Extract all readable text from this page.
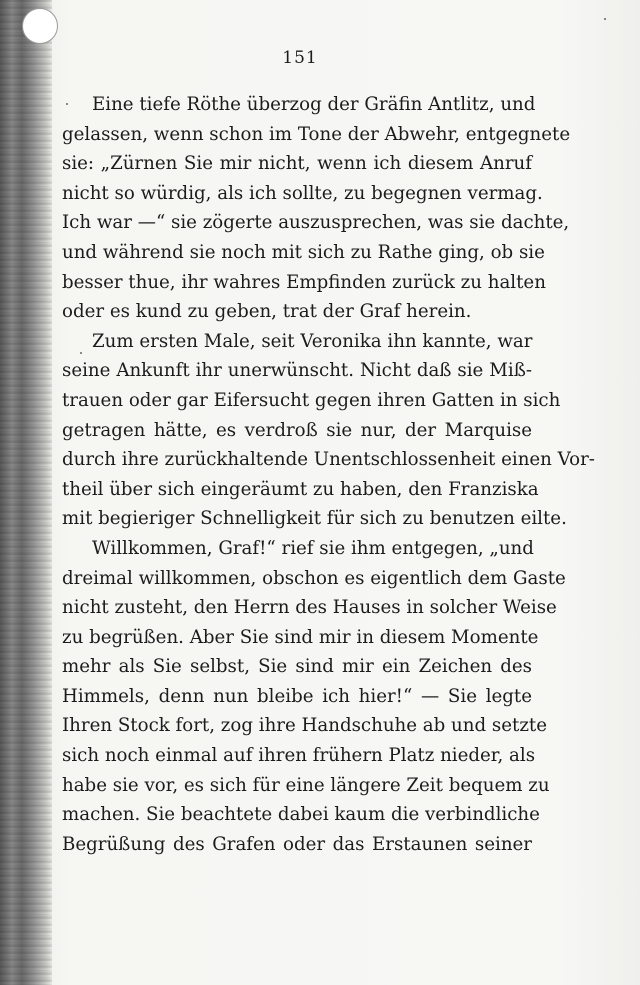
151
Eine tiefe Röthe überzog der Gräfin Antlitz, und
gelassen, wenn schon im Tone der Abwehr, entgegnete
sie: „Zürnen Sie mir nicht, wenn ich diesem Anruf
nicht so würdig, als ich sollte, zu begegnen vermag.
Ich war —“ sie zögerte auszusprechen, was sie dachte,
und während sie noch mit sich zu Rathe ging, ob sie
besser thue, ihr wahres Empfinden zurück zu halten
oder es kund zu geben, trat der Graf herein.
Zum ersten Male, seit Veronika ihn kannte, war
seine Ankunft ihr unerwünscht. Nicht daß sie Miß-
trauen oder gar Eifersucht gegen ihren Gatten in sich
getragen hätte, es verdroß sie nur, der Marquise
durch ihre zurückhaltende Unentschlossenheit einen Vor-
theil über sich eingeräumt zu haben, den Franziska
mit begieriger Schnelligkeit für sich zu benutzen eilte.
Willkommen, Graf!“ rief sie ihm entgegen, „und
dreimal willkommen, obschon es eigentlich dem Gaste
nicht zusteht, den Herrn des Hauses in solcher Weise
zu begrüßen. Aber Sie sind mir in diesem Momente
mehr als Sie selbst, Sie sind mir ein Zeichen des
Himmels, denn nun bleibe ich hier!“ — Sie legte
Ihren Stock fort, zog ihre Handschuhe ab und setzte
sich noch einmal auf ihren frühern Platz nieder, als
habe sie vor, es sich für eine längere Zeit bequem zu
machen. Sie beachtete dabei kaum die verbindliche
Begrüßung des Grafen oder das Erstaunen seiner
